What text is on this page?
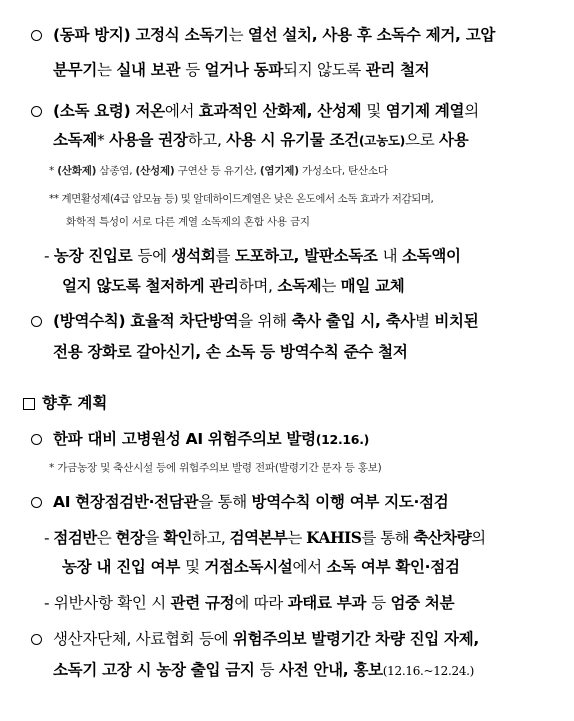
(동파 방지) 고정식 소독기는 열선 설치, 사용 후 소독수 제거, 고압
분무기는 실내 보관 등 얼거나 동파되지 않도록 관리 철저
(소독 요령) 저온에서 효과적인 산화제, 산성제 및 염기제 계열의
소독제* 사용을 권장하고, 사용 시 유기물 조건(고농도)으로 사용
* (산화제) 삼종염, (산성제) 구연산 등 유기산, (염기제) 가성소다, 탄산소다
** 계면활성제(4급 암모늄 등) 및 알데하이드계열은 낮은 온도에서 소독 효과가 저감되며,
화학적 특성이 서로 다른 계열 소독제의 혼합 사용 금지
- 농장 진입로 등에 생석회를 도포하고, 발판소독조 내 소독액이
얼지 않도록 철저하게 관리하며, 소독제는 매일 교체
(방역수칙) 효율적 차단방역을 위해 축사 출입 시, 축사별 비치된
전용 장화로 갈아신기, 손 소독 등 방역수칙 준수 철저
향후 계획
한파 대비 고병원성 AI 위험주의보 발령(12.16.)
* 가금농장 및 축산시설 등에 위험주의보 발령 전파(발령기간 문자 등 홍보)
AI 현장점검반·전담관을 통해 방역수칙 이행 여부 지도·점검
- 점검반은 현장을 확인하고, 검역본부는 KAHIS를 통해 축산차량의
농장 내 진입 여부 및 거점소독시설에서 소독 여부 확인·점검
- 위반사항 확인 시 관련 규정에 따라 과태료 부과 등 엄중 처분
생산자단체, 사료협회 등에 위험주의보 발령기간 차량 진입 자제,
소독기 고장 시 농장 출입 금지 등 사전 안내, 홍보(12.16.~12.24.)
